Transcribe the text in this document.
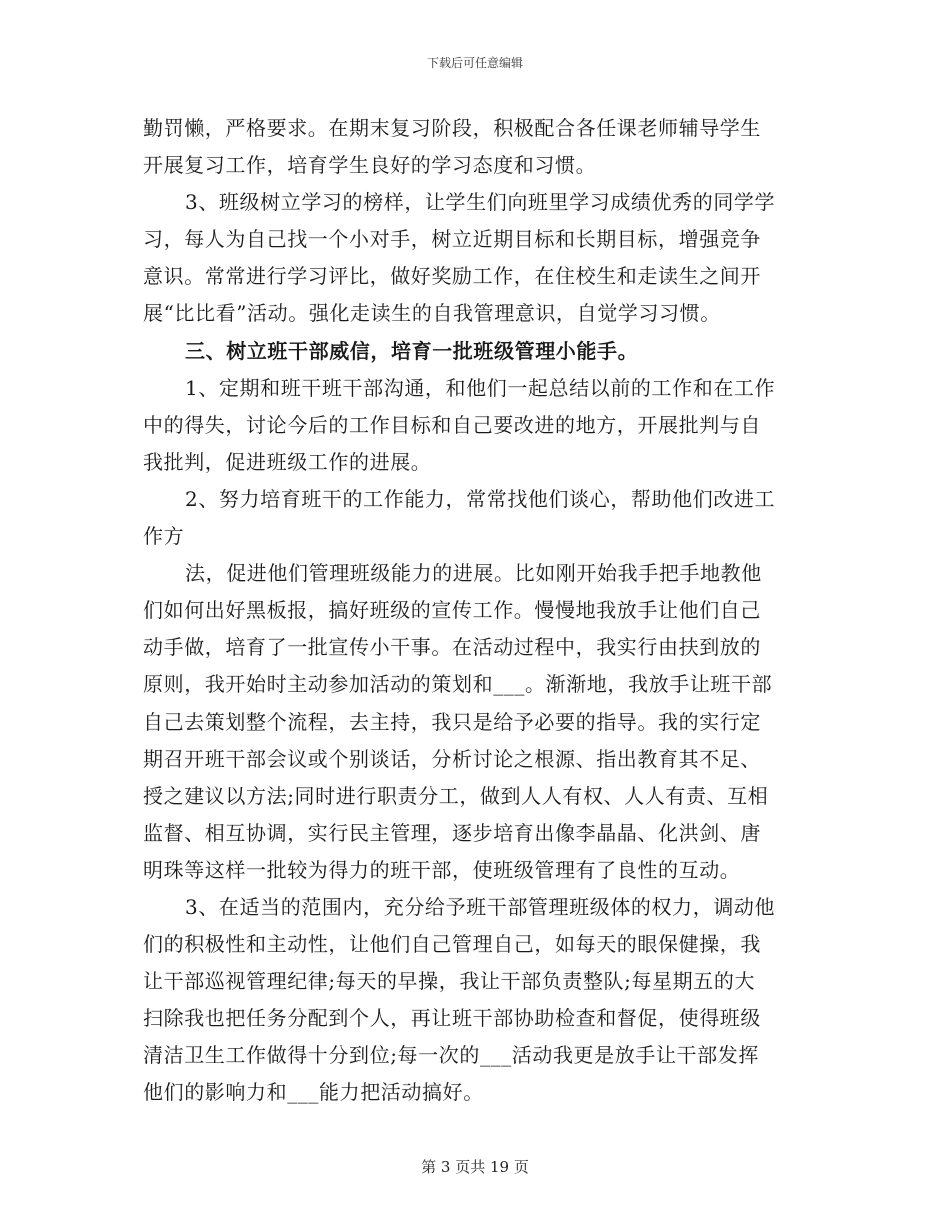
下载后可任意编辑
勤罚懒，严格要求。在期末复习阶段，积极配合各任课老师辅导学生
开展复习工作，培育学生良好的学习态度和习惯。
3、班级树立学习的榜样，让学生们向班里学习成绩优秀的同学学
习，每人为自己找一个小对手，树立近期目标和长期目标，增强竞争
意识。常常进行学习评比，做好奖励工作，在住校生和走读生之间开
展“比比看”活动。强化走读生的自我管理意识，自觉学习习惯。
三、树立班干部威信，培育一批班级管理小能手。
1、定期和班干班干部沟通，和他们一起总结以前的工作和在工作
中的得失，讨论今后的工作目标和自己要改进的地方，开展批判与自
我批判，促进班级工作的进展。
2、努力培育班干的工作能力，常常找他们谈心，帮助他们改进工
作方
法，促进他们管理班级能力的进展。比如刚开始我手把手地教他
们如何出好黑板报，搞好班级的宣传工作。慢慢地我放手让他们自己
动手做，培育了一批宣传小干事。在活动过程中，我实行由扶到放的
原则，我开始时主动参加活动的策划和___。渐渐地，我放手让班干部
自己去策划整个流程，去主持，我只是给予必要的指导。我的实行定
期召开班干部会议或个别谈话，分析讨论之根源、指出教育其不足、
授之建议以方法;同时进行职责分工，做到人人有权、人人有责、互相
监督、相互协调，实行民主管理，逐步培育出像李晶晶、化洪剑、唐
明珠等这样一批较为得力的班干部，使班级管理有了良性的互动。
3、在适当的范围内，充分给予班干部管理班级体的权力，调动他
们的积极性和主动性，让他们自己管理自己，如每天的眼保健操，我
让干部巡视管理纪律;每天的早操，我让干部负责整队;每星期五的大
扫除我也把任务分配到个人，再让班干部协助检查和督促，使得班级
清洁卫生工作做得十分到位;每一次的___活动我更是放手让干部发挥
他们的影响力和___能力把活动搞好。
第 3 页共 19 页
